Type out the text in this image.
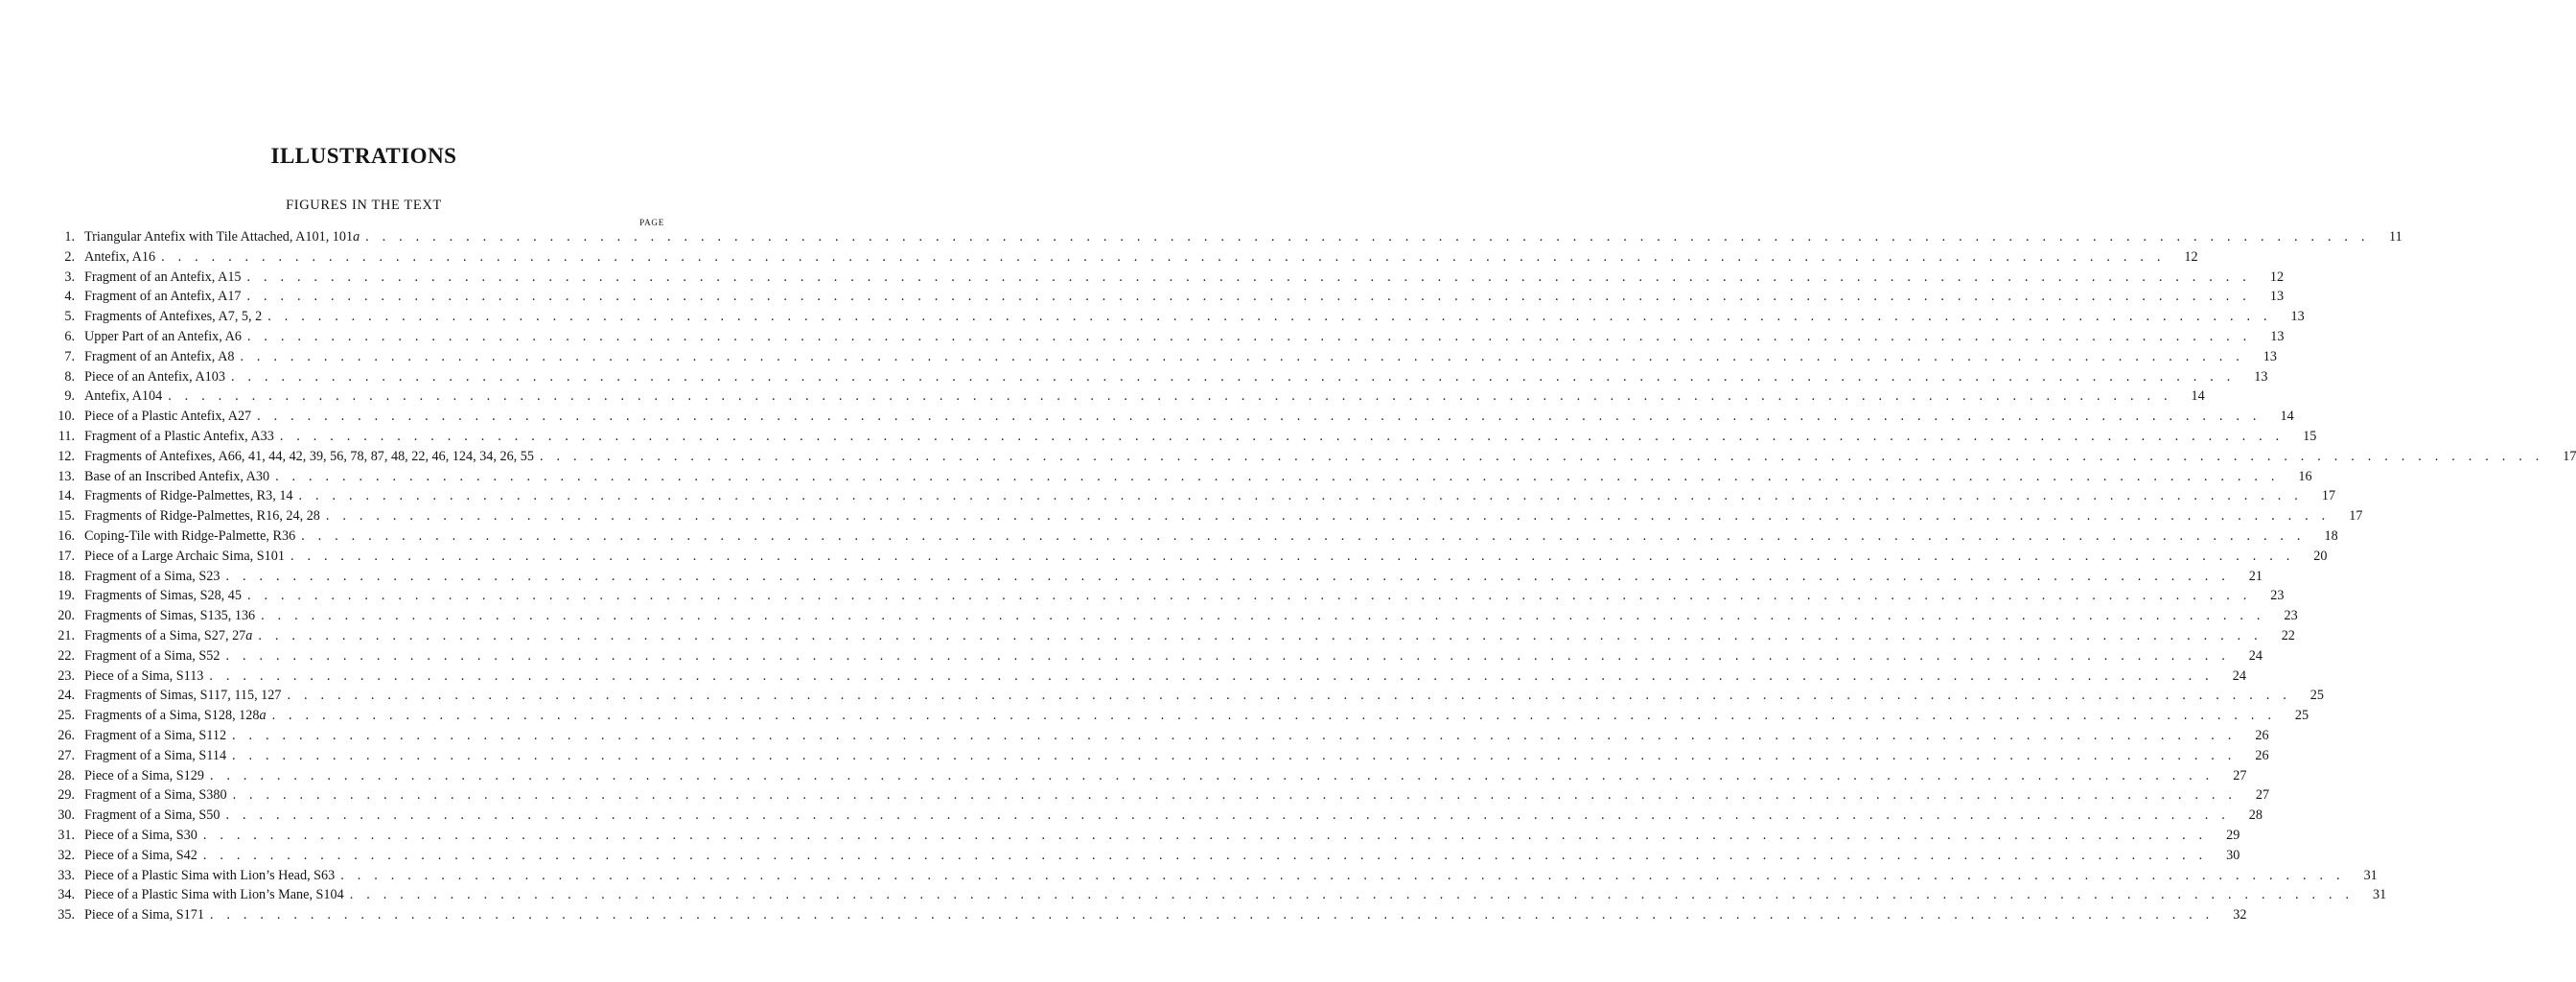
ILLUSTRATIONS
FIGURES IN THE TEXT
PAGE
1. Triangular Antefix with Tile Attached, A101, 101a . . . . . . . . . . . . . . . . . . . . . . . . . . . . . . . . . . . . . . . . . . . . . . . . . . . . . . . . . . . . . . . . . . . . . . . . . . . . . . . . . . . . . . . . . . . . . . . . . . . . . . . . . . . . . . . . . . . . . . . .	11
2. Antefix, A16 . . . . . . . . . . . . . . . . . . . . . . . . . . . . . . . . . . . . . . . . . . . . . . . . . . . . . . . . . . . . . . . . . . . . . . . . . . . . . . . . . . . . . . . . . . . . . . . . . . . . . . . . . . . . . . . . . . . . . . . .	12
3. Fragment of an Antefix, A15 . . . . . . . . . . . . . . . . . . . . . . . . . . . . . . . . . . . . . . . . . . . . . . . . . . . . . . . . . . . . . . . . . . . . . . . . . . . . . . . . . . . . . . . . . . . . . . . . . . . . . . . . . . . . . . . . . . . . . . . .	12
4. Fragment of an Antefix, A17 . . . . . . . . . . . . . . . . . . . . . . . . . . . . . . . . . . . . . . . . . . . . . . . . . . . . . . . . . . . . . . . . . . . . . . . . . . . . . . . . . . . . . . . . . . . . . . . . . . . . . . . . . . . . . . . . . . . . . . . .	13
5. Fragments of Antefixes, A7, 5, 2 . . . . . . . . . . . . . . . . . . . . . . . . . . . . . . . . . . . . . . . . . . . . . . . . . . . . . . . . . . . . . . . . . . . . . . . . . . . . . . . . . . . . . . . . . . . . . . . . . . . . . . . . . . . . . . . . . . . . . . . .	13
6. Upper Part of an Antefix, A6 . . . . . . . . . . . . . . . . . . . . . . . . . . . . . . . . . . . . . . . . . . . . . . . . . . . . . . . . . . . . . . . . . . . . . . . . . . . . . . . . . . . . . . . . . . . . . . . . . . . . . . . . . . . . . . . . . . . . . . . .	13
7. Fragment of an Antefix, A8 . . . . . . . . . . . . . . . . . . . . . . . . . . . . . . . . . . . . . . . . . . . . . . . . . . . . . . . . . . . . . . . . . . . . . . . . . . . . . . . . . . . . . . . . . . . . . . . . . . . . . . . . . . . . . . . . . . . . . . . .	13
8. Piece of an Antefix, A103 . . . . . . . . . . . . . . . . . . . . . . . . . . . . . . . . . . . . . . . . . . . . . . . . . . . . . . . . . . . . . . . . . . . . . . . . . . . . . . . . . . . . . . . . . . . . . . . . . . . . . . . . . . . . . . . . . . . . . . . .	13
9. Antefix, A104 . . . . . . . . . . . . . . . . . . . . . . . . . . . . . . . . . . . . . . . . . . . . . . . . . . . . . . . . . . . . . . . . . . . . . . . . . . . . . . . . . . . . . . . . . . . . . . . . . . . . . . . . . . . . . . . . . . . . . . . .	14
10. Piece of a Plastic Antefix, A27 . . . . . . . . . . . . . . . . . . . . . . . . . . . . . . . . . . . . . . . . . . . . . . . . . . . . . . . . . . . . . . . . . . . . . . . . . . . . . . . . . . . . . . . . . . . . . . . . . . . . . . . . . . . . . . . . . . . . . . . .	14
11. Fragment of a Plastic Antefix, A33 . . . . . . . . . . . . . . . . . . . . . . . . . . . . . . . . . . . . . . . . . . . . . . . . . . . . . . . . . . . . . . . . . . . . . . . . . . . . . . . . . . . . . . . . . . . . . . . . . . . . . . . . . . . . . . . . . . . . . . . .	15
12. Fragments of Antefixes, A66, 41, 44, 42, 39, 56, 78, 87, 48, 22, 46, 124, 34, 26, 55 . . . . . . . . . . . . . . . . . . . . . . . . . . . . . . . . . . . . . . . . . . . . . . . . . . . . . . . . . . . . . . . . . . . . . . . . . . . . . . . . . . . . . . . . . . . . . . . . . . . . . . . . . . . . . . . . . . . . . . . .	17
13. Base of an Inscribed Antefix, A30 . . . . . . . . . . . . . . . . . . . . . . . . . . . . . . . . . . . . . . . . . . . . . . . . . . . . . . . . . . . . . . . . . . . . . . . . . . . . . . . . . . . . . . . . . . . . . . . . . . . . . . . . . . . . . . . . . . . . . . . .	16
14. Fragments of Ridge-Palmettes, R3, 14 . . . . . . . . . . . . . . . . . . . . . . . . . . . . . . . . . . . . . . . . . . . . . . . . . . . . . . . . . . . . . . . . . . . . . . . . . . . . . . . . . . . . . . . . . . . . . . . . . . . . . . . . . . . . . . . . . . . . . . . .	17
15. Fragments of Ridge-Palmettes, R16, 24, 28 . . . . . . . . . . . . . . . . . . . . . . . . . . . . . . . . . . . . . . . . . . . . . . . . . . . . . . . . . . . . . . . . . . . . . . . . . . . . . . . . . . . . . . . . . . . . . . . . . . . . . . . . . . . . . . . . . . . . . . . .	17
16. Coping-Tile with Ridge-Palmette, R36 . . . . . . . . . . . . . . . . . . . . . . . . . . . . . . . . . . . . . . . . . . . . . . . . . . . . . . . . . . . . . . . . . . . . . . . . . . . . . . . . . . . . . . . . . . . . . . . . . . . . . . . . . . . . . . . . . . . . . . . .	18
17. Piece of a Large Archaic Sima, S101 . . . . . . . . . . . . . . . . . . . . . . . . . . . . . . . . . . . . . . . . . . . . . . . . . . . . . . . . . . . . . . . . . . . . . . . . . . . . . . . . . . . . . . . . . . . . . . . . . . . . . . . . . . . . . . . . . . . . . . . .	20
18. Fragment of a Sima, S23 . . . . . . . . . . . . . . . . . . . . . . . . . . . . . . . . . . . . . . . . . . . . . . . . . . . . . . . . . . . . . . . . . . . . . . . . . . . . . . . . . . . . . . . . . . . . . . . . . . . . . . . . . . . . . . . . . . . . . . . .	21
19. Fragments of Simas, S28, 45 . . . . . . . . . . . . . . . . . . . . . . . . . . . . . . . . . . . . . . . . . . . . . . . . . . . . . . . . . . . . . . . . . . . . . . . . . . . . . . . . . . . . . . . . . . . . . . . . . . . . . . . . . . . . . . . . . . . . . . . .	23
20. Fragments of Simas, S135, 136 . . . . . . . . . . . . . . . . . . . . . . . . . . . . . . . . . . . . . . . . . . . . . . . . . . . . . . . . . . . . . . . . . . . . . . . . . . . . . . . . . . . . . . . . . . . . . . . . . . . . . . . . . . . . . . . . . . . . . . . .	23
21. Fragments of a Sima, S27, 27a . . . . . . . . . . . . . . . . . . . . . . . . . . . . . . . . . . . . . . . . . . . . . . . . . . . . . . . . . . . . . . . . . . . . . . . . . . . . . . . . . . . . . . . . . . . . . . . . . . . . . . . . . . . . . . . . . . . . . . . .	22
22. Fragment of a Sima, S52 . . . . . . . . . . . . . . . . . . . . . . . . . . . . . . . . . . . . . . . . . . . . . . . . . . . . . . . . . . . . . . . . . . . . . . . . . . . . . . . . . . . . . . . . . . . . . . . . . . . . . . . . . . . . . . . . . . . . . . . .	24
23. Piece of a Sima, S113 . . . . . . . . . . . . . . . . . . . . . . . . . . . . . . . . . . . . . . . . . . . . . . . . . . . . . . . . . . . . . . . . . . . . . . . . . . . . . . . . . . . . . . . . . . . . . . . . . . . . . . . . . . . . . . . . . . . . . . . .	24
24. Fragments of Simas, S117, 115, 127 . . . . . . . . . . . . . . . . . . . . . . . . . . . . . . . . . . . . . . . . . . . . . . . . . . . . . . . . . . . . . . . . . . . . . . . . . . . . . . . . . . . . . . . . . . . . . . . . . . . . . . . . . . . . . . . . . . . . . . . .	25
25. Fragments of a Sima, S128, 128a . . . . . . . . . . . . . . . . . . . . . . . . . . . . . . . . . . . . . . . . . . . . . . . . . . . . . . . . . . . . . . . . . . . . . . . . . . . . . . . . . . . . . . . . . . . . . . . . . . . . . . . . . . . . . . . . . . . . . . . .	25
26. Fragment of a Sima, S112 . . . . . . . . . . . . . . . . . . . . . . . . . . . . . . . . . . . . . . . . . . . . . . . . . . . . . . . . . . . . . . . . . . . . . . . . . . . . . . . . . . . . . . . . . . . . . . . . . . . . . . . . . . . . . . . . . . . . . . . .	26
27. Fragment of a Sima, S114 . . . . . . . . . . . . . . . . . . . . . . . . . . . . . . . . . . . . . . . . . . . . . . . . . . . . . . . . . . . . . . . . . . . . . . . . . . . . . . . . . . . . . . . . . . . . . . . . . . . . . . . . . . . . . . . . . . . . . . . .	26
28. Piece of a Sima, S129 . . . . . . . . . . . . . . . . . . . . . . . . . . . . . . . . . . . . . . . . . . . . . . . . . . . . . . . . . . . . . . . . . . . . . . . . . . . . . . . . . . . . . . . . . . . . . . . . . . . . . . . . . . . . . . . . . . . . . . . .	27
29. Fragment of a Sima, S380 . . . . . . . . . . . . . . . . . . . . . . . . . . . . . . . . . . . . . . . . . . . . . . . . . . . . . . . . . . . . . . . . . . . . . . . . . . . . . . . . . . . . . . . . . . . . . . . . . . . . . . . . . . . . . . . . . . . . . . . .	27
30. Fragment of a Sima, S50 . . . . . . . . . . . . . . . . . . . . . . . . . . . . . . . . . . . . . . . . . . . . . . . . . . . . . . . . . . . . . . . . . . . . . . . . . . . . . . . . . . . . . . . . . . . . . . . . . . . . . . . . . . . . . . . . . . . . . . . .	28
31. Piece of a Sima, S30 . . . . . . . . . . . . . . . . . . . . . . . . . . . . . . . . . . . . . . . . . . . . . . . . . . . . . . . . . . . . . . . . . . . . . . . . . . . . . . . . . . . . . . . . . . . . . . . . . . . . . . . . . . . . . . . . . . . . . . . .	29
32. Piece of a Sima, S42 . . . . . . . . . . . . . . . . . . . . . . . . . . . . . . . . . . . . . . . . . . . . . . . . . . . . . . . . . . . . . . . . . . . . . . . . . . . . . . . . . . . . . . . . . . . . . . . . . . . . . . . . . . . . . . . . . . . . . . . .	30
33. Piece of a Plastic Sima with Lion’s Head, S63 . . . . . . . . . . . . . . . . . . . . . . . . . . . . . . . . . . . . . . . . . . . . . . . . . . . . . . . . . . . . . . . . . . . . . . . . . . . . . . . . . . . . . . . . . . . . . . . . . . . . . . . . . . . . . . . . . . . . . . . .	31
34. Piece of a Plastic Sima with Lion’s Mane, S104 . . . . . . . . . . . . . . . . . . . . . . . . . . . . . . . . . . . . . . . . . . . . . . . . . . . . . . . . . . . . . . . . . . . . . . . . . . . . . . . . . . . . . . . . . . . . . . . . . . . . . . . . . . . . . . . . . . . . . . . .	31
35. Piece of a Sima, S171 . . . . . . . . . . . . . . . . . . . . . . . . . . . . . . . . . . . . . . . . . . . . . . . . . . . . . . . . . . . . . . . . . . . . . . . . . . . . . . . . . . . . . . . . . . . . . . . . . . . . . . . . . . . . . . . . . . . . . . . .	32
